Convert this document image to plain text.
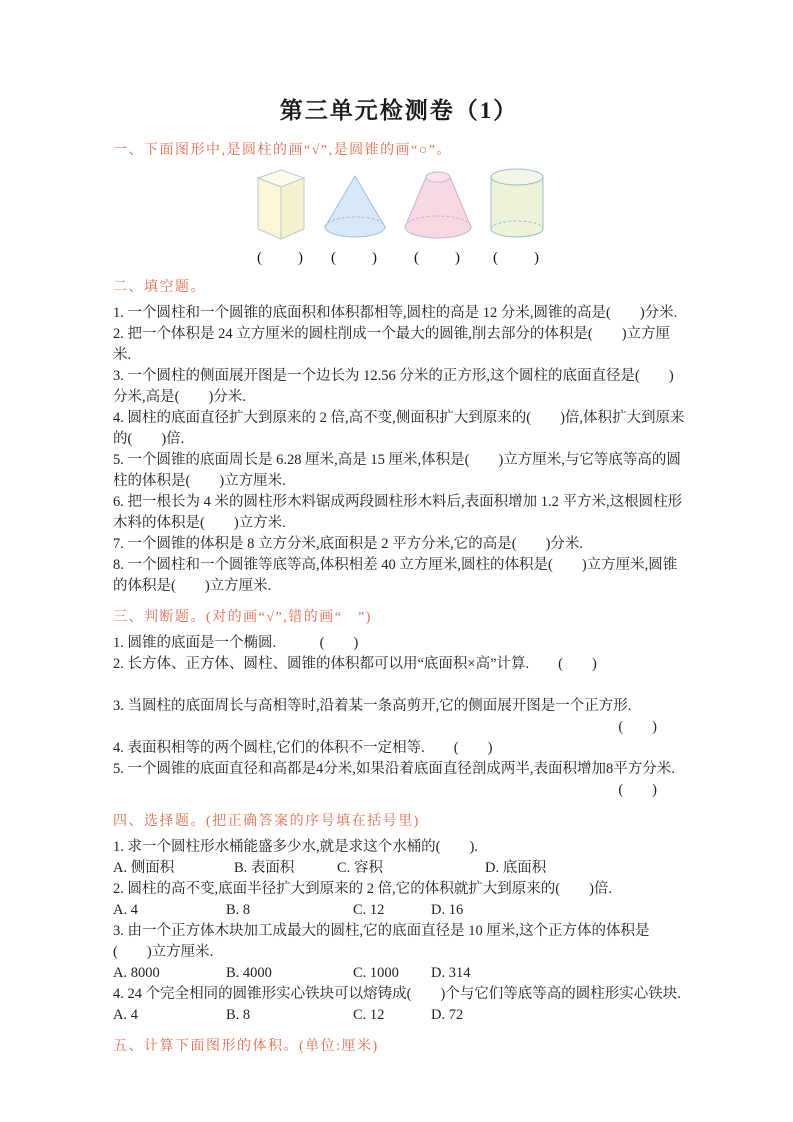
第三单元检测卷（1）
一、下面图形中,是圆柱的画“√”,是圆锥的画“○”。
(　　) (　　) (　　) (　　)
二、填空题。
1. 一个圆柱和一个圆锥的底面积和体积都相等,圆柱的高是 12 分米,圆锥的高是(　　)分米.
2. 把一个体积是 24 立方厘米的圆柱削成一个最大的圆锥,削去部分的体积是(　　)立方厘米.
3. 一个圆柱的侧面展开图是一个边长为 12.56 分米的正方形,这个圆柱的底面直径是(　　)分米,高是(　　)分米.
4. 圆柱的底面直径扩大到原来的 2 倍,高不变,侧面积扩大到原来的(　　)倍,体积扩大到原来的(　　)倍.
5. 一个圆锥的底面周长是 6.28 厘米,高是 15 厘米,体积是(　　)立方厘米,与它等底等高的圆柱的体积是(　　)立方厘米.
6. 把一根长为 4 米的圆柱形木料锯成两段圆柱形木料后,表面积增加 1.2 平方米,这根圆柱形木料的体积是(　　)立方米.
7. 一个圆锥的体积是 8 立方分米,底面积是 2 平方分米,它的高是(　　)分米.
8. 一个圆柱和一个圆锥等底等高,体积相差 40 立方厘米,圆柱的体积是(　　)立方厘米,圆锥的体积是(　　)立方厘米.
三、判断题。(对的画“√”,错的画“　”)
1. 圆锥的底面是一个椭圆.　　　(　　)
2. 长方体、正方体、圆柱、圆锥的体积都可以用“底面积×高”计算.　　(　　)
3. 当圆柱的底面周长与高相等时,沿着某一条高剪开,它的侧面展开图是一个正方形.
(　　)
4. 表面积相等的两个圆柱,它们的体积不一定相等.　　(　　)
5. 一个圆锥的底面直径和高都是4分米,如果沿着底面直径剖成两半,表面积增加8平方分米.
(　　)
四、选择题。(把正确答案的序号填在括号里)
1. 求一个圆柱形水桶能盛多少水,就是求这个水桶的(　　).
A. 侧面积	B. 表面积	C. 容积	D. 底面积
2. 圆柱的高不变,底面半径扩大到原来的 2 倍,它的体积就扩大到原来的(　　)倍.
A. 4	B. 8	C. 12	D. 16
3. 由一个正方体木块加工成最大的圆柱,它的底面直径是 10 厘米,这个正方体的体积是(　　)立方厘米.
A. 8000	B. 4000	C. 1000	D. 314
4. 24 个完全相同的圆锥形实心铁块可以熔铸成(　　)个与它们等底等高的圆柱形实心铁块.
A. 4	B. 8	C. 12	D. 72
五、计算下面图形的体积。(单位:厘米)
